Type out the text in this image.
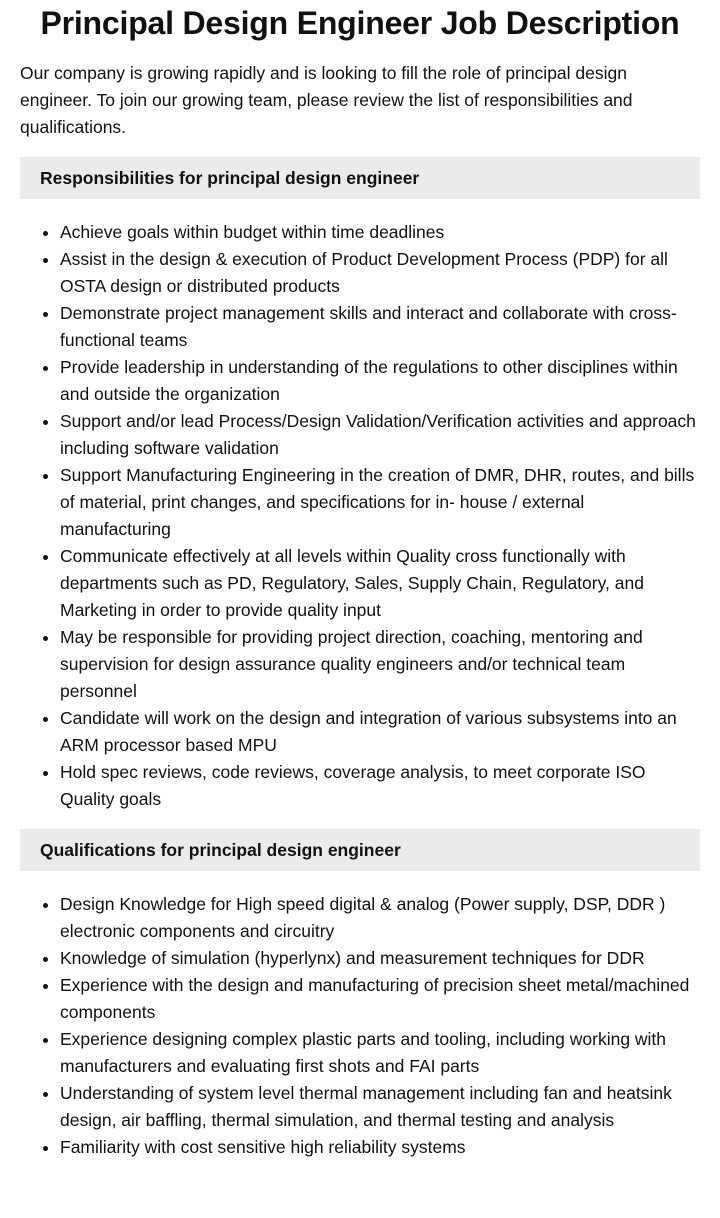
Principal Design Engineer Job Description

Our company is growing rapidly and is looking to fill the role of principal design engineer. To join our growing team, please review the list of responsibilities and qualifications.

Responsibilities for principal design engineer
• Achieve goals within budget within time deadlines
• Assist in the design & execution of Product Development Process (PDP) for all OSTA design or distributed products
• Demonstrate project management skills and interact and collaborate with cross-functional teams
• Provide leadership in understanding of the regulations to other disciplines within and outside the organization
• Support and/or lead Process/Design Validation/Verification activities and approach including software validation
• Support Manufacturing Engineering in the creation of DMR, DHR, routes, and bills of material, print changes, and specifications for in- house / external manufacturing
• Communicate effectively at all levels within Quality cross functionally with departments such as PD, Regulatory, Sales, Supply Chain, Regulatory, and Marketing in order to provide quality input
• May be responsible for providing project direction, coaching, mentoring and supervision for design assurance quality engineers and/or technical team personnel
• Candidate will work on the design and integration of various subsystems into an ARM processor based MPU
• Hold spec reviews, code reviews, coverage analysis, to meet corporate ISO Quality goals
Qualifications for principal design engineer
• Design Knowledge for High speed digital & analog (Power supply, DSP, DDR ) electronic components and circuitry
• Knowledge of simulation (hyperlynx) and measurement techniques for DDR
• Experience with the design and manufacturing of precision sheet metal/machined components
• Experience designing complex plastic parts and tooling, including working with manufacturers and evaluating first shots and FAI parts
• Understanding of system level thermal management including fan and heatsink design, air baffling, thermal simulation, and thermal testing and analysis
• Familiarity with cost sensitive high reliability systems
